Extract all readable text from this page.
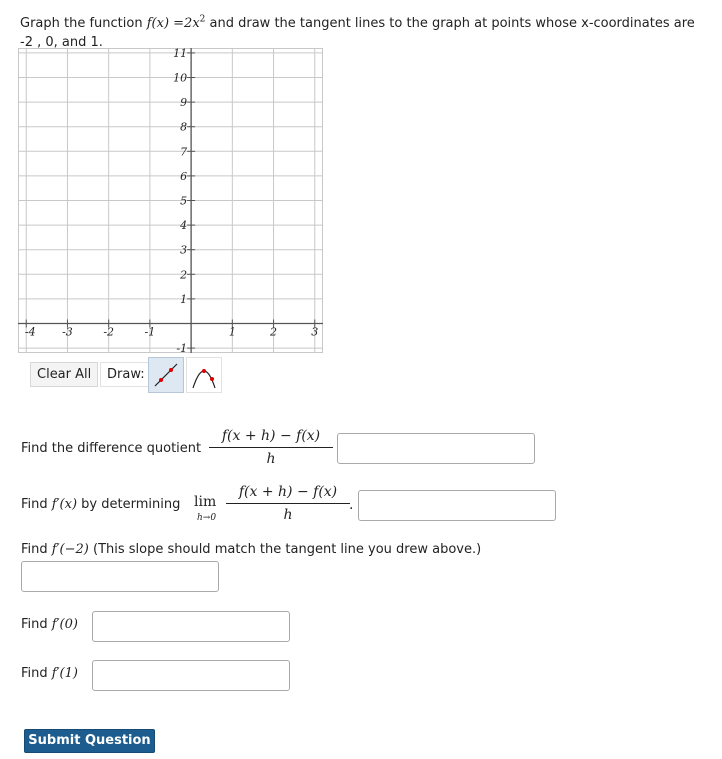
Graph the function $f(x) =2x^2$ and draw the tangent lines to the graph at points whose x-coordinates are
-2 , 0, and 1.
-4 -3	-2	-1	1	2	3
11
10
9
8
7
6
5
4
3
2
1
-1
Clear All	Draw:
Find the difference quotient
f(x + h) − f(x)
h
Find f′(x) by determining lim
h→0
f(x + h) − f(x)
h
.
Find f′(−2) (This slope should match the tangent line you drew above.)
Find f′(0)
Find f′(1)
Submit Question
